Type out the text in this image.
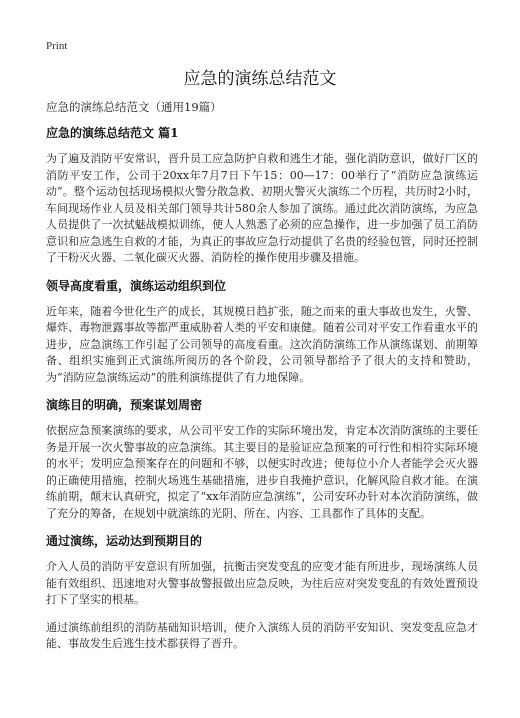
Print
应急的演练总结范文
应急的演练总结范文（通用19篇）
应急的演练总结范文 篇1

为了遍及消防平安常识，晋升员工应急防护自救和逃生才能，强化消防意识，做好厂区的消防平安工作，公司于20xx年7月7日下午15：00—17：00举行了“消防应急演练运动”。整个运动包括现场模拟火警分散急救、初期火警灭火演练二个历程，共历时2小时，车间现场作业人员及相关部门领导共计580余人参加了演练。通过此次消防演练，为应急人员提供了一次拭魅战模拟训练，使人人熟悉了必须的应急操作，进一步加强了员工消防意识和应急逃生自救的才能，为真正的事故应急行动提供了名贵的经验包管，同时还控制了干粉灭火器、二氧化碳灭火器、消防栓的操作使用步骤及措施。

领导高度看重，演练运动组织到位

近年来，随着今世化生产的成长，其规模日趋扩张，随之而来的重大事故也发生，火警、爆炸、毒物泄露事故等都严重威胁着人类的平安和康健。随着公司对平安工作看重水平的进步，应急演练工作引起了公司领导的高度看重。这次消防演练工作从演练谋划、前期筹备、组织实施到正式演练所阅历的各个阶段，公司领导都给予了很大的支持和赞助，为“消防应急演练运动”的胜利演练提供了有力地保障。

演练目的明确，预案谋划周密

依据应急预案演练的要求，从公司平安工作的实际环境出发，肯定本次消防演练的主要任务是开展一次火警事故的应急演练。其主要目的是验证应急预案的可行性和相符实际环境的水平；发明应急预案存在的问题和不够，以便实时改进；使每位小介人者能学会灭火器的正确使用措施，控制火场逃生基础措施，进步自我掩护意识，化解风险自救才能。在演练前期，颠末认真研究，拟定了“xx年消防应急演练”，公司安环办针对本次消防演练，做了充分的筹备，在规划中就演练的光阴、所在、内容、工具都作了具体的支配。

通过演练，运动达到预期目的

介入人员的消防平安意识有所加强，抗衡击突发变乱的应变才能有所进步，现场演练人员能有效组织、迅速地对火警事故警报做出应急反映，为往后应对突发变乱的有效处置预设打下了坚实的根基。

通过演练前组织的消防基础知识培训，使介入演练人员的消防平安知识、突发变乱应急才能、事故发生后逃生技术都获得了晋升。
